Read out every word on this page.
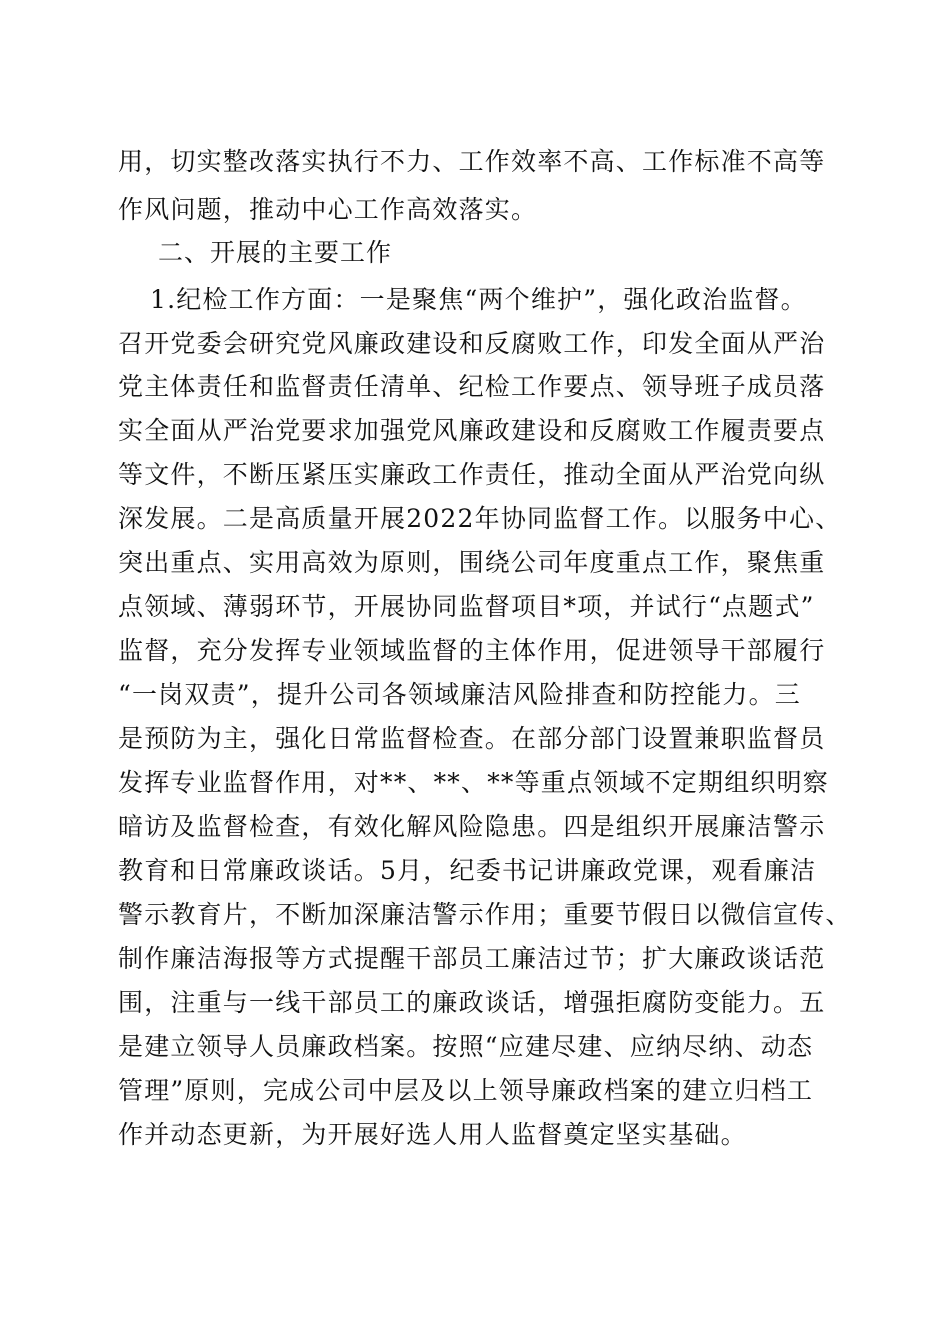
用，切实整改落实执行不力、工作效率不高、工作标准不高等
作风问题，推动中心工作高效落实。
二、开展的主要工作
1.纪检工作方面：一是聚焦“两个维护”，强化政治监督。
召开党委会研究党风廉政建设和反腐败工作，印发全面从严治
党主体责任和监督责任清单、纪检工作要点、领导班子成员落
实全面从严治党要求加强党风廉政建设和反腐败工作履责要点
等文件，不断压紧压实廉政工作责任，推动全面从严治党向纵
深发展。二是高质量开展2022年协同监督工作。以服务中心、
突出重点、实用高效为原则，围绕公司年度重点工作，聚焦重
点领域、薄弱环节，开展协同监督项目*项，并试行“点题式”
监督，充分发挥专业领域监督的主体作用，促进领导干部履行
“一岗双责”，提升公司各领域廉洁风险排查和防控能力。三
是预防为主，强化日常监督检查。在部分部门设置兼职监督员
发挥专业监督作用，对**、**、**等重点领域不定期组织明察
暗访及监督检查，有效化解风险隐患。四是组织开展廉洁警示
教育和日常廉政谈话。5月，纪委书记讲廉政党课，观看廉洁
警示教育片，不断加深廉洁警示作用；重要节假日以微信宣传、
制作廉洁海报等方式提醒干部员工廉洁过节；扩大廉政谈话范
围，注重与一线干部员工的廉政谈话，增强拒腐防变能力。五
是建立领导人员廉政档案。按照“应建尽建、应纳尽纳、动态
管理”原则，完成公司中层及以上领导廉政档案的建立归档工
作并动态更新，为开展好选人用人监督奠定坚实基础。
